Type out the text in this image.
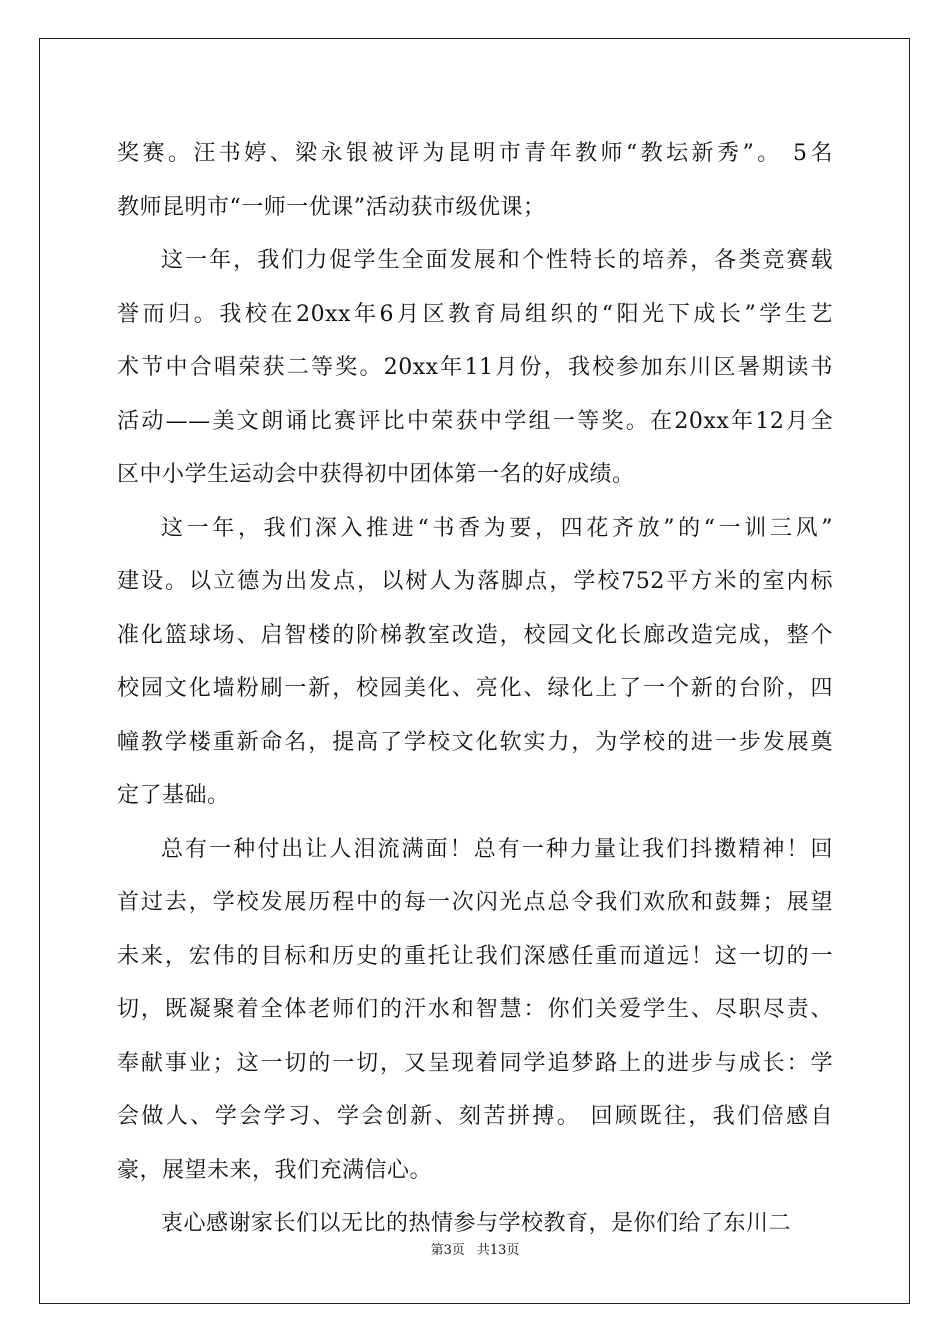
奖赛。汪书婷、梁永银被评为昆明市青年教师“教坛新秀”。 5名
教师昆明市“一师一优课”活动获市级优课；
这一年，我们力促学生全面发展和个性特长的培养，各类竞赛载
誉而归。我校在20xx年6月区教育局组织的“阳光下成长”学生艺
术节中合唱荣获二等奖。20xx年11月份，我校参加东川区暑期读书
活动——美文朗诵比赛评比中荣获中学组一等奖。在20xx年12月全
区中小学生运动会中获得初中团体第一名的好成绩。
这一年，我们深入推进“书香为要，四花齐放”的“一训三风”
建设。以立德为出发点，以树人为落脚点，学校752平方米的室内标
准化篮球场、启智楼的阶梯教室改造，校园文化长廊改造完成，整个
校园文化墙粉刷一新，校园美化、亮化、绿化上了一个新的台阶，四
幢教学楼重新命名，提高了学校文化软实力，为学校的进一步发展奠
定了基础。
总有一种付出让人泪流满面！总有一种力量让我们抖擞精神！回
首过去，学校发展历程中的每一次闪光点总令我们欢欣和鼓舞；展望
未来，宏伟的目标和历史的重托让我们深感任重而道远！这一切的一
切，既凝聚着全体老师们的汗水和智慧：你们关爱学生、尽职尽责、
奉献事业；这一切的一切，又呈现着同学追梦路上的进步与成长：学
会做人、学会学习、学会创新、刻苦拼搏。 回顾既往，我们倍感自
豪，展望未来，我们充满信心。
衷心感谢家长们以无比的热情参与学校教育，是你们给了东川二
第3页 共13页
